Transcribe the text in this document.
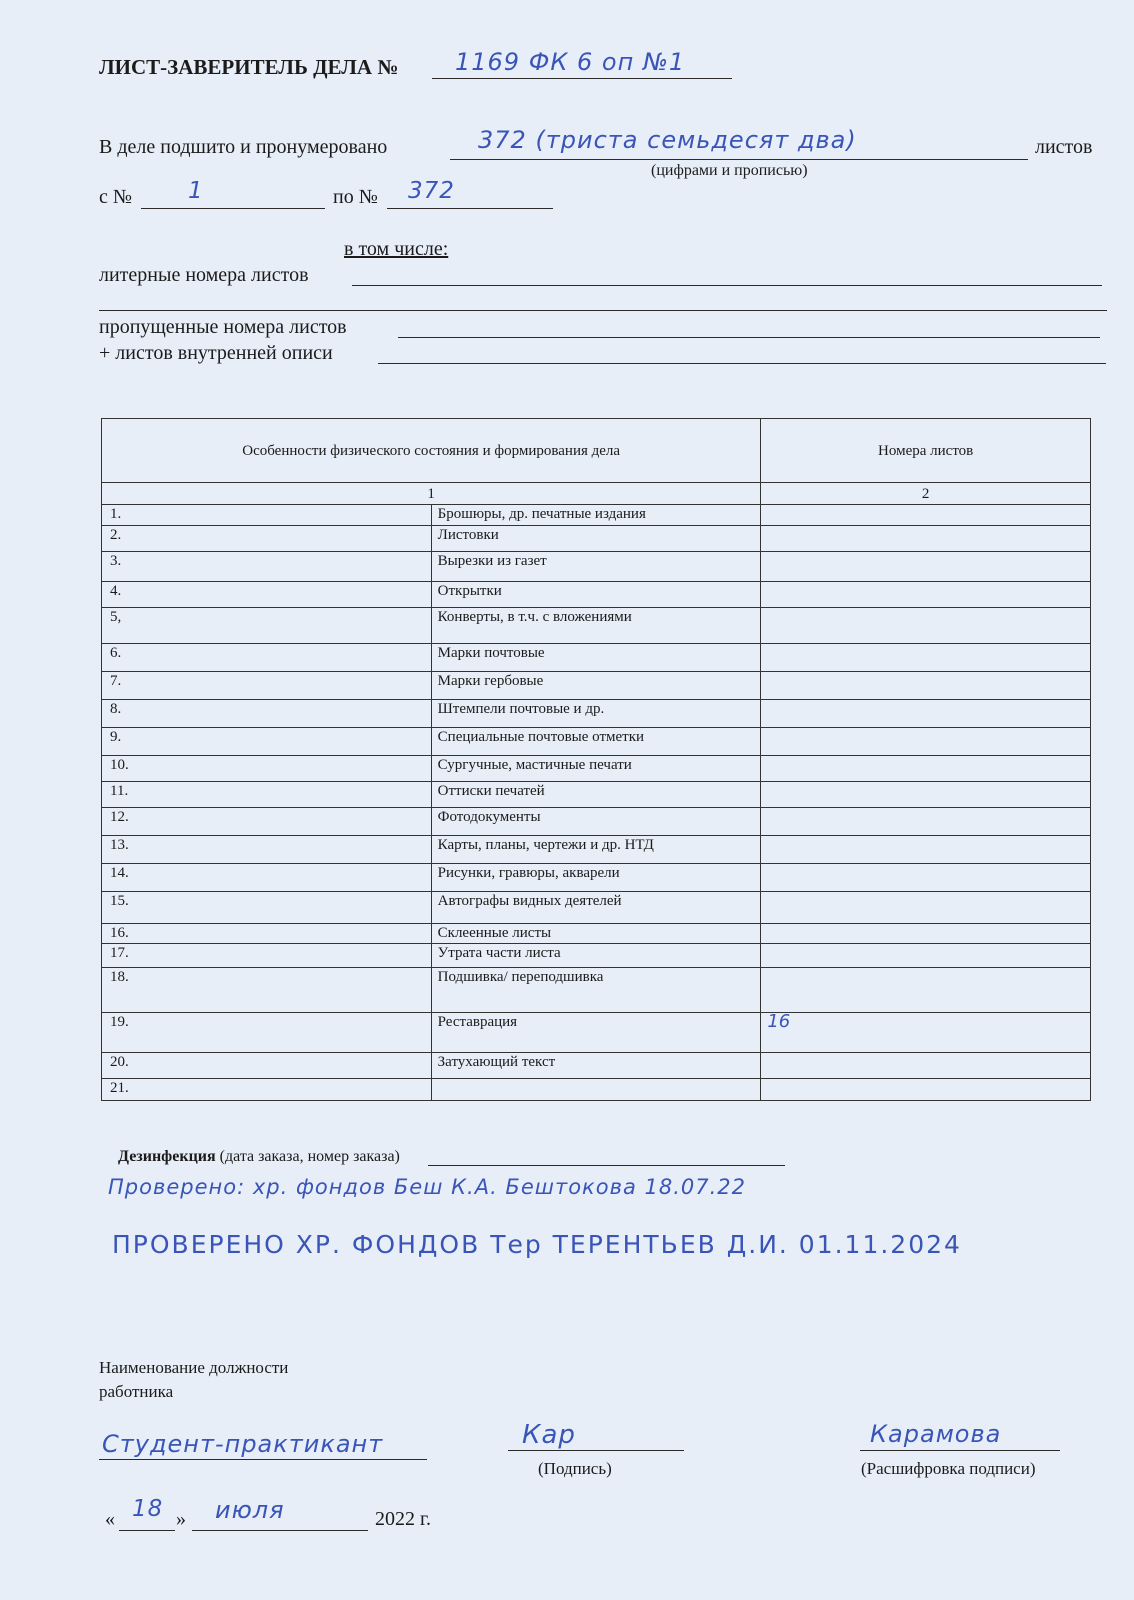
ЛИСТ-ЗАВЕРИТЕЛЬ ДЕЛА № 1169 ФК 6 оп №1
В деле подшито и пронумеровано	372 (триста семьдесят два)	листов
(цифрами и прописью)
с № 1	по № 372
в том числе:
литерные номера листов
пропущенные номера листов
+ листов внутренней описи
Особенности физического состояния и формирования дела		Номера листов
1		2
1.	Брошюры, др. печатные издания	
2.	Листовки	
3.	Вырезки из газет	
4.	Открытки	
5,	Конверты, в т.ч. с вложениями	
6.	Марки почтовые	
7.	Марки гербовые	
8.	Штемпели почтовые и др.	
9.	Специальные почтовые отметки	
10.	Сургучные, мастичные печати	
11.	Оттиски печатей	
12.	Фотодокументы	
13.	Карты, планы, чертежи и др. НТД	
14.	Рисунки, гравюры, акварели	
15.	Автографы видных деятелей	
16.	Склеенные листы	
17.	Утрата части листа	
18.	Подшивка/ переподшивка	
19.	Реставрация	16
20.	Затухающий текст	
21.		
Дезинфекция (дата заказа, номер заказа)
Проверено: хр. фондов Беш К.А. Бештокова 18.07.22
ПРОВЕРЕНО ХР. ФОНДОВ Тер ТЕРЕНТЬЕВ Д.И. 01.11.2024
Наименование должности
работника
Студент-практикант	Кар
(Подпись)
Карамова
(Расшифровка подписи)
« 18 » июля	2022 г.
